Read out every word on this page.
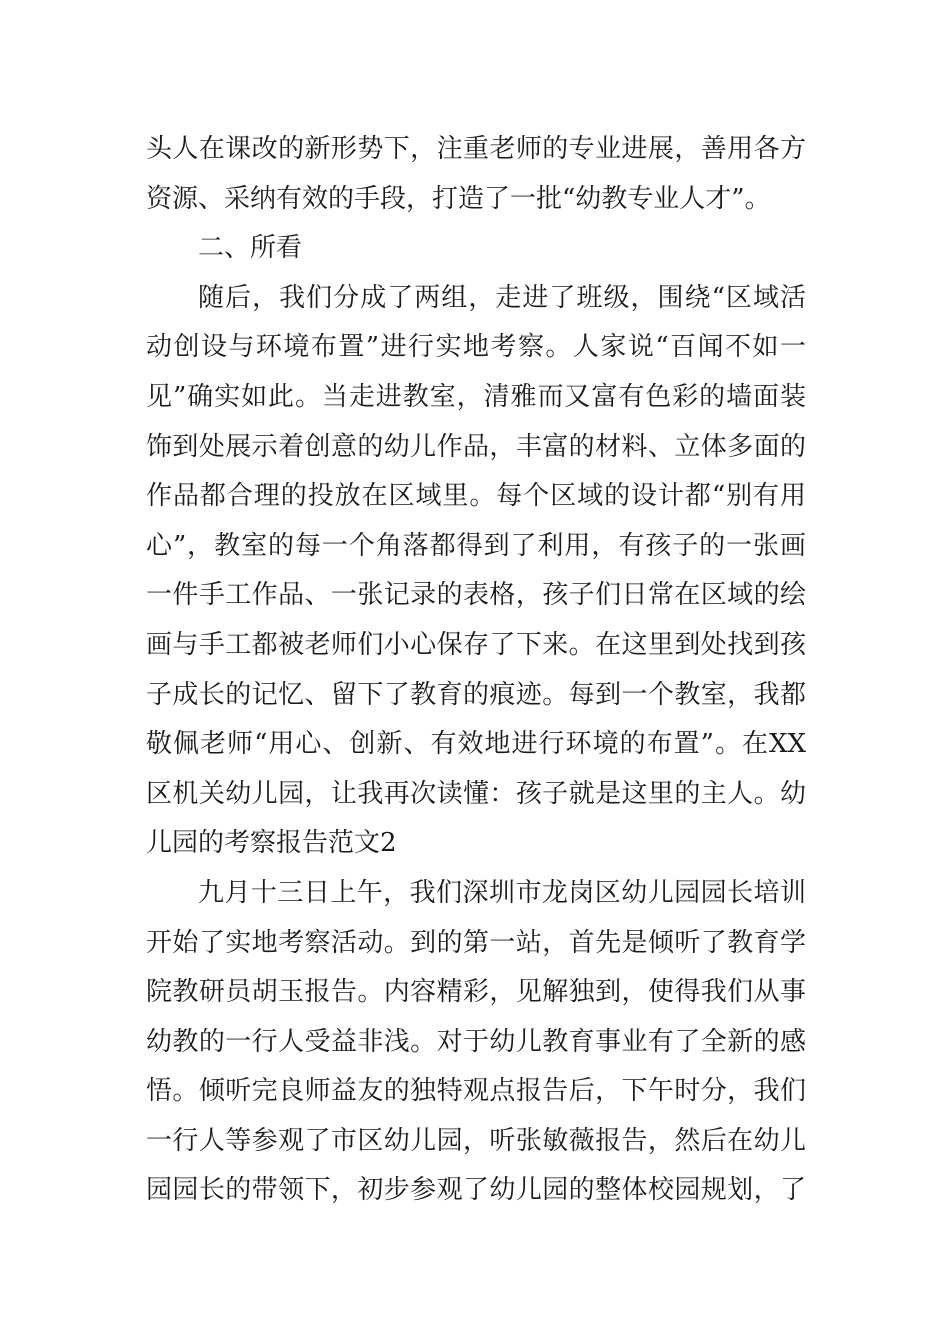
头人在课改的新形势下，注重老师的专业进展，善用各方
资源、采纳有效的手段，打造了一批“幼教专业人才”。
二、所看
随后，我们分成了两组，走进了班级，围绕“区域活
动创设与环境布置”进行实地考察。人家说“百闻不如一
见”确实如此。当走进教室，清雅而又富有色彩的墙面装
饰到处展示着创意的幼儿作品，丰富的材料、立体多面的
作品都合理的投放在区域里。每个区域的设计都“别有用
心”，教室的每一个角落都得到了利用，有孩子的一张画
一件手工作品、一张记录的表格，孩子们日常在区域的绘
画与手工都被老师们小心保存了下来。在这里到处找到孩
子成长的记忆、留下了教育的痕迹。每到一个教室，我都
敬佩老师“用心、创新、有效地进行环境的布置”。在XX
区机关幼儿园，让我再次读懂：孩子就是这里的主人。幼
儿园的考察报告范文2
九月十三日上午，我们深圳市龙岗区幼儿园园长培训
开始了实地考察活动。到的第一站，首先是倾听了教育学
院教研员胡玉报告。内容精彩，见解独到，使得我们从事
幼教的一行人受益非浅。对于幼儿教育事业有了全新的感
悟。倾听完良师益友的独特观点报告后，下午时分，我们
一行人等参观了市区幼儿园，听张敏薇报告，然后在幼儿
园园长的带领下，初步参观了幼儿园的整体校园规划，了
